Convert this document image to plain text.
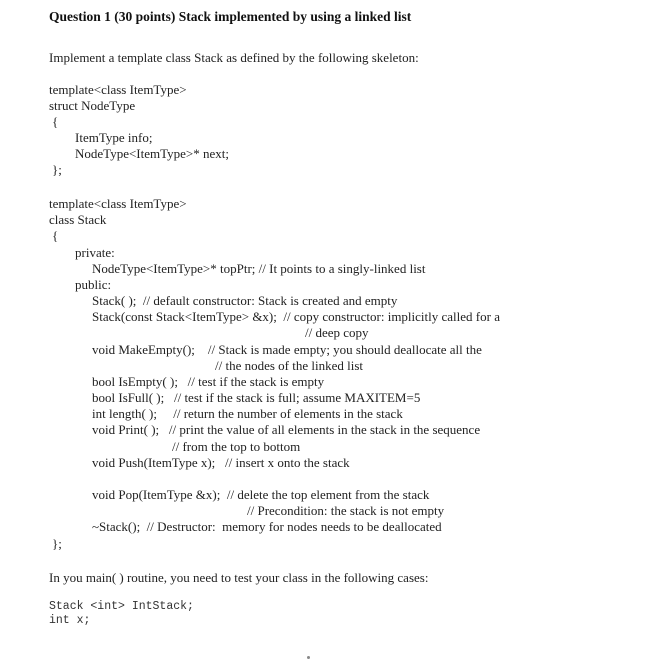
Question 1 (30 points) Stack implemented by using a linked list
Implement a template class Stack as defined by the following skeleton:
template<class ItemType>
struct NodeType
{
ItemType info;
NodeType<ItemType>* next;
};
template<class ItemType>
class Stack
{
private:
NodeType<ItemType>* topPtr; // It points to a singly-linked list
public:
Stack( );  // default constructor: Stack is created and empty
Stack(const Stack<ItemType> &x);  // copy constructor: implicitly called for a
// deep copy
void MakeEmpty();    // Stack is made empty; you should deallocate all the
// the nodes of the linked list
bool IsEmpty( );   // test if the stack is empty
bool IsFull( );   // test if the stack is full; assume MAXITEM=5
int length( );     // return the number of elements in the stack
void Print( );   // print the value of all elements in the stack in the sequence
// from the top to bottom
void Push(ItemType x);   // insert x onto the stack
void Pop(ItemType &x);  // delete the top element from the stack
// Precondition: the stack is not empty
~Stack();  // Destructor:  memory for nodes needs to be deallocated
};
In you main( ) routine, you need to test your class in the following cases:
Stack <int> IntStack;
int x;
